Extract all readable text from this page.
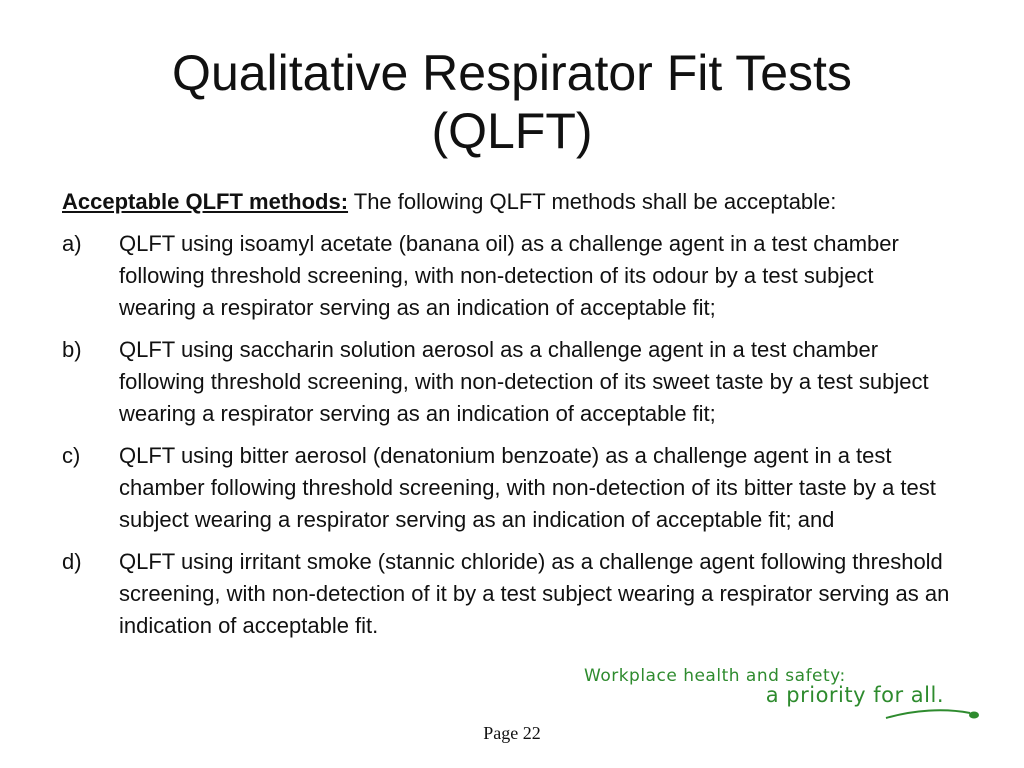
Qualitative Respirator Fit Tests
(QLFT)

Acceptable QLFT methods: The following QLFT methods shall be acceptable:

a)	QLFT using isoamyl acetate (banana oil) as a challenge agent in a test chamber following threshold screening, with non-detection of its odour by a test subject wearing a respirator serving as an indication of acceptable fit;
b)	QLFT using saccharin solution aerosol as a challenge agent in a test chamber following threshold screening, with non-detection of its sweet taste by a test subject wearing a respirator serving as an indication of acceptable fit;
c)	QLFT using bitter aerosol (denatonium benzoate) as a challenge agent in a test chamber following threshold screening, with non-detection of its bitter taste by a test subject wearing a respirator serving as an indication of acceptable fit; and
d)	QLFT using irritant smoke (stannic chloride) as a challenge agent following threshold screening, with non-detection of it by a test subject wearing a respirator serving as an indication of acceptable fit.
Workplace health and safety:
a priority for all.
Page 22
